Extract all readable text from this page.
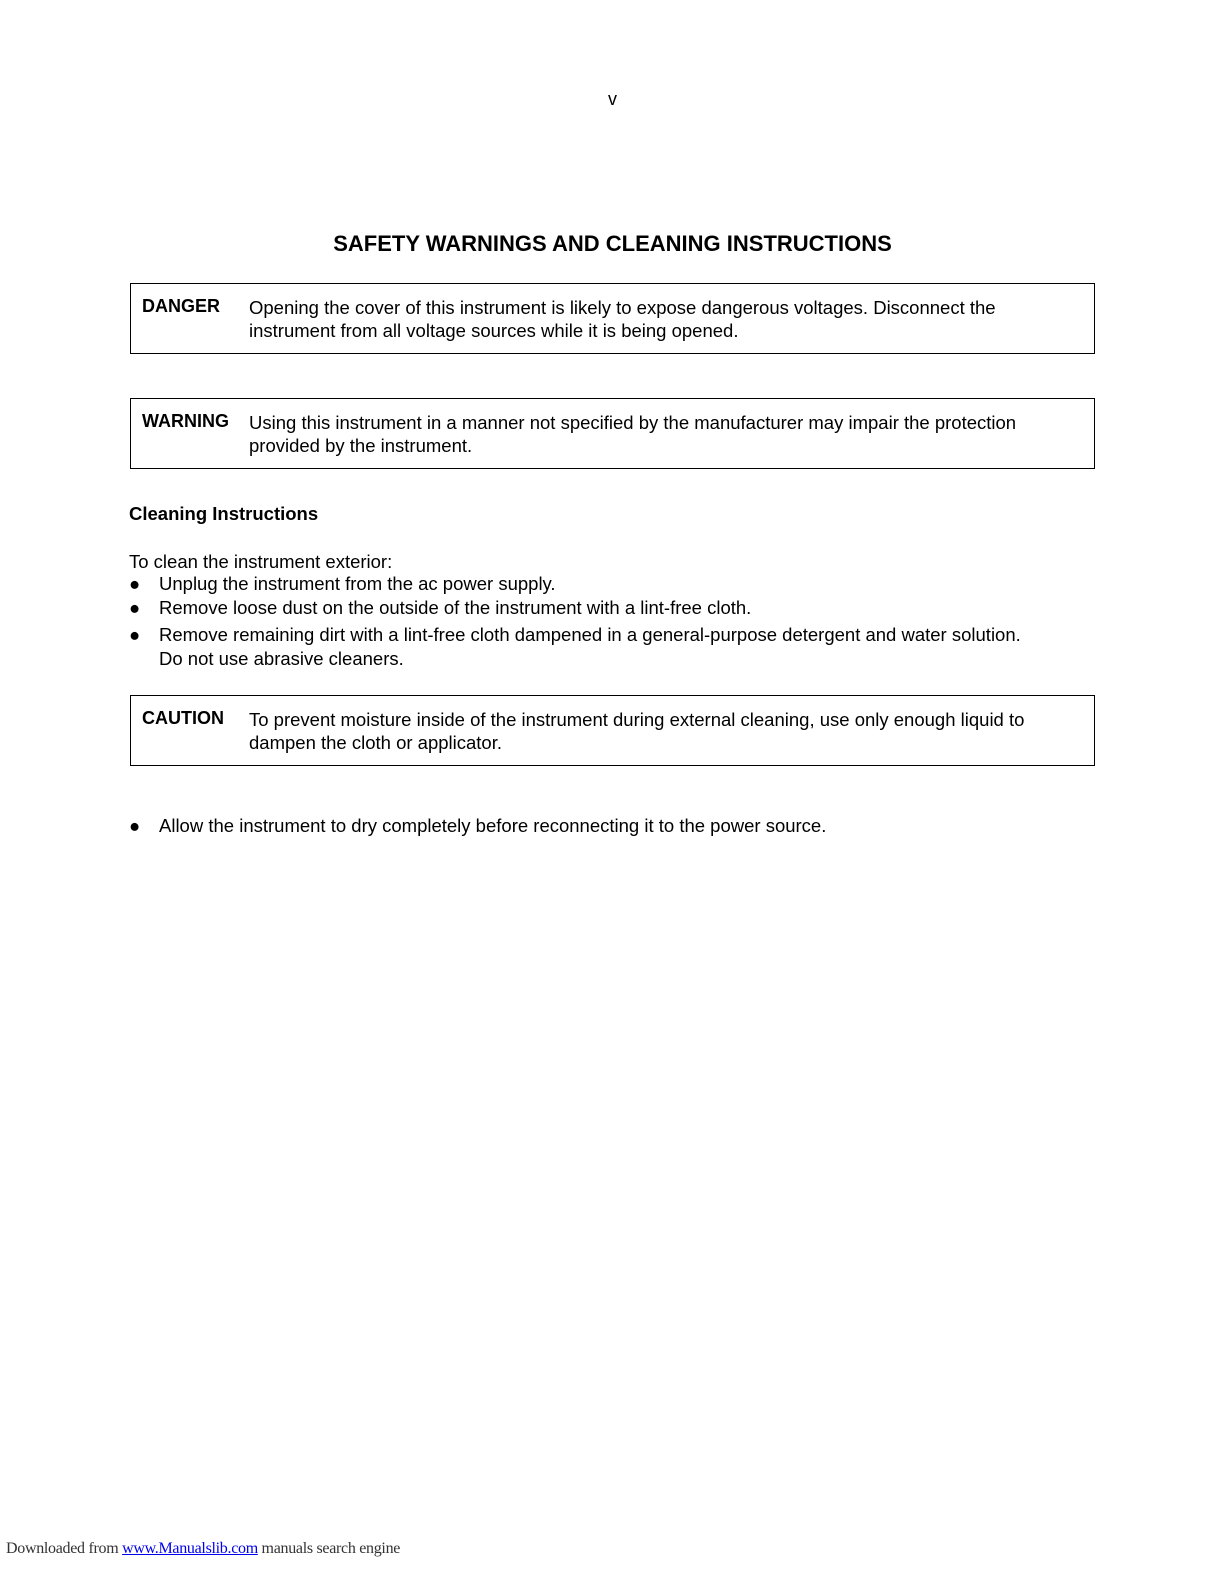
v
SAFETY WARNINGS AND CLEANING INSTRUCTIONS
DANGER Opening the cover of this instrument is likely to expose dangerous voltages. Disconnect the instrument from all voltage sources while it is being opened.
WARNING Using this instrument in a manner not specified by the manufacturer may impair the protection provided by the instrument.
Cleaning Instructions
To clean the instrument exterior:
● Unplug the instrument from the ac power supply.
● Remove loose dust on the outside of the instrument with a lint-free cloth.
● Remove remaining dirt with a lint-free cloth dampened in a general-purpose detergent and water solution. Do not use abrasive cleaners.
CAUTION To prevent moisture inside of the instrument during external cleaning, use only enough liquid to dampen the cloth or applicator.
● Allow the instrument to dry completely before reconnecting it to the power source.
Downloaded from www.Manualslib.com manuals search engine
